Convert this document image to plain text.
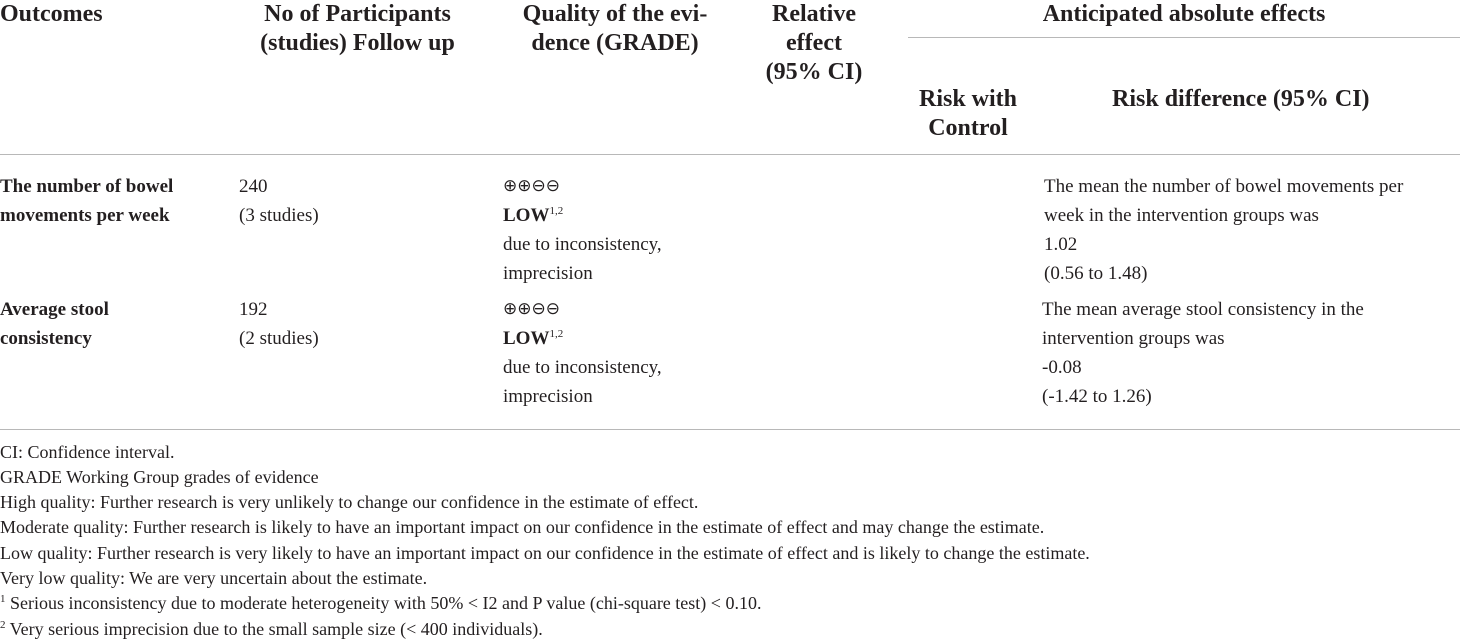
Outcomes	No of Participants
(studies) Follow up
Quality of the evi-
dence (GRADE)
Relative
effect
(95% CI)
Anticipated absolute effects
Risk with
Control
Risk difference (95% CI)
The number of bowel
movements per week
240
(3 studies)
⊕⊕⊖⊖
LOW$^{1,2}$
due to inconsistency,
imprecision
The mean the number of bowel movements per
week in the intervention groups was
1.02
(0.56 to 1.48)
Average stool
consistency
192
(2 studies)
⊕⊕⊖⊖
LOW$^{1,2}$
due to inconsistency,
imprecision
The mean average stool consistency in the
intervention groups was
-0.08
(-1.42 to 1.26)
CI: Confidence interval.
GRADE Working Group grades of evidence
High quality: Further research is very unlikely to change our confidence in the estimate of effect.
Moderate quality: Further research is likely to have an important impact on our confidence in the estimate of effect and may change the estimate.
Low quality: Further research is very likely to have an important impact on our confidence in the estimate of effect and is likely to change the estimate.
Very low quality: We are very uncertain about the estimate.
$^1$ Serious inconsistency due to moderate heterogeneity with 50% < I2 and P value (chi-square test) < 0.10.
$^2$ Very serious imprecision due to the small sample size (< 400 individuals).
